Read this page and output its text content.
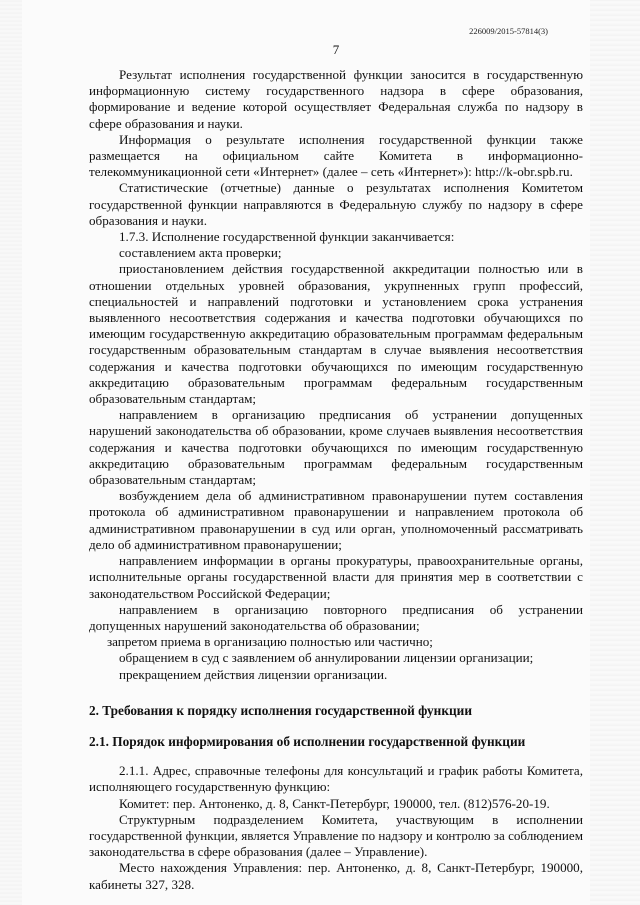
226009/2015-57814(3)
7

Результат исполнения государственной функции заносится в государственную информационную систему государственного надзора в сфере образования, формирование и ведение которой осуществляет Федеральная служба по надзору в сфере образования и науки.

Информация о результате исполнения государственной функции также размещается на официальном сайте Комитета в информационно-телекоммуникационной сети «Интернет» (далее – сеть «Интернет»): http://k-obr.spb.ru.

Статистические (отчетные) данные о результатах исполнения Комитетом государственной функции направляются в Федеральную службу по надзору в сфере образования и науки.

1.7.3. Исполнение государственной функции заканчивается:

составлением акта проверки;

приостановлением действия государственной аккредитации полностью или в отношении отдельных уровней образования, укрупненных групп профессий, специальностей и направлений подготовки и установлением срока устранения выявленного несоответствия содержания и качества подготовки обучающихся по имеющим государственную аккредитацию образовательным программам федеральным государственным образовательным стандартам в случае выявления несоответствия содержания и качества подготовки обучающихся по имеющим государственную аккредитацию образовательным программам федеральным государственным образовательным стандартам;

направлением в организацию предписания об устранении допущенных нарушений законодательства об образовании, кроме случаев выявления несоответствия содержания и качества подготовки обучающихся по имеющим государственную аккредитацию образовательным программам федеральным государственным образовательным стандартам;

возбуждением дела об административном правонарушении путем составления протокола об административном правонарушении и направлением протокола об административном правонарушении в суд или орган, уполномоченный рассматривать дело об административном правонарушении;

направлением информации в органы прокуратуры, правоохранительные органы, исполнительные органы государственной власти для принятия мер в соответствии с законодательством Российской Федерации;

направлением в организацию повторного предписания об устранении допущенных нарушений законодательства об образовании;

запретом приема в организацию полностью или частично;

обращением в суд с заявлением об аннулировании лицензии организации;

прекращением действия лицензии организации.

2. Требования к порядку исполнения государственной функции

2.1. Порядок информирования об исполнении государственной функции

2.1.1. Адрес, справочные телефоны для консультаций и график работы Комитета, исполняющего государственную функцию:

Комитет: пер. Антоненко, д. 8, Санкт-Петербург, 190000, тел. (812)576-20-19.

Структурным подразделением Комитета, участвующим в исполнении государственной функции, является Управление по надзору и контролю за соблюдением законодательства в сфере образования (далее – Управление).

Место нахождения Управления: пер. Антоненко, д. 8, Санкт-Петербург, 190000, кабинеты 327, 328.
